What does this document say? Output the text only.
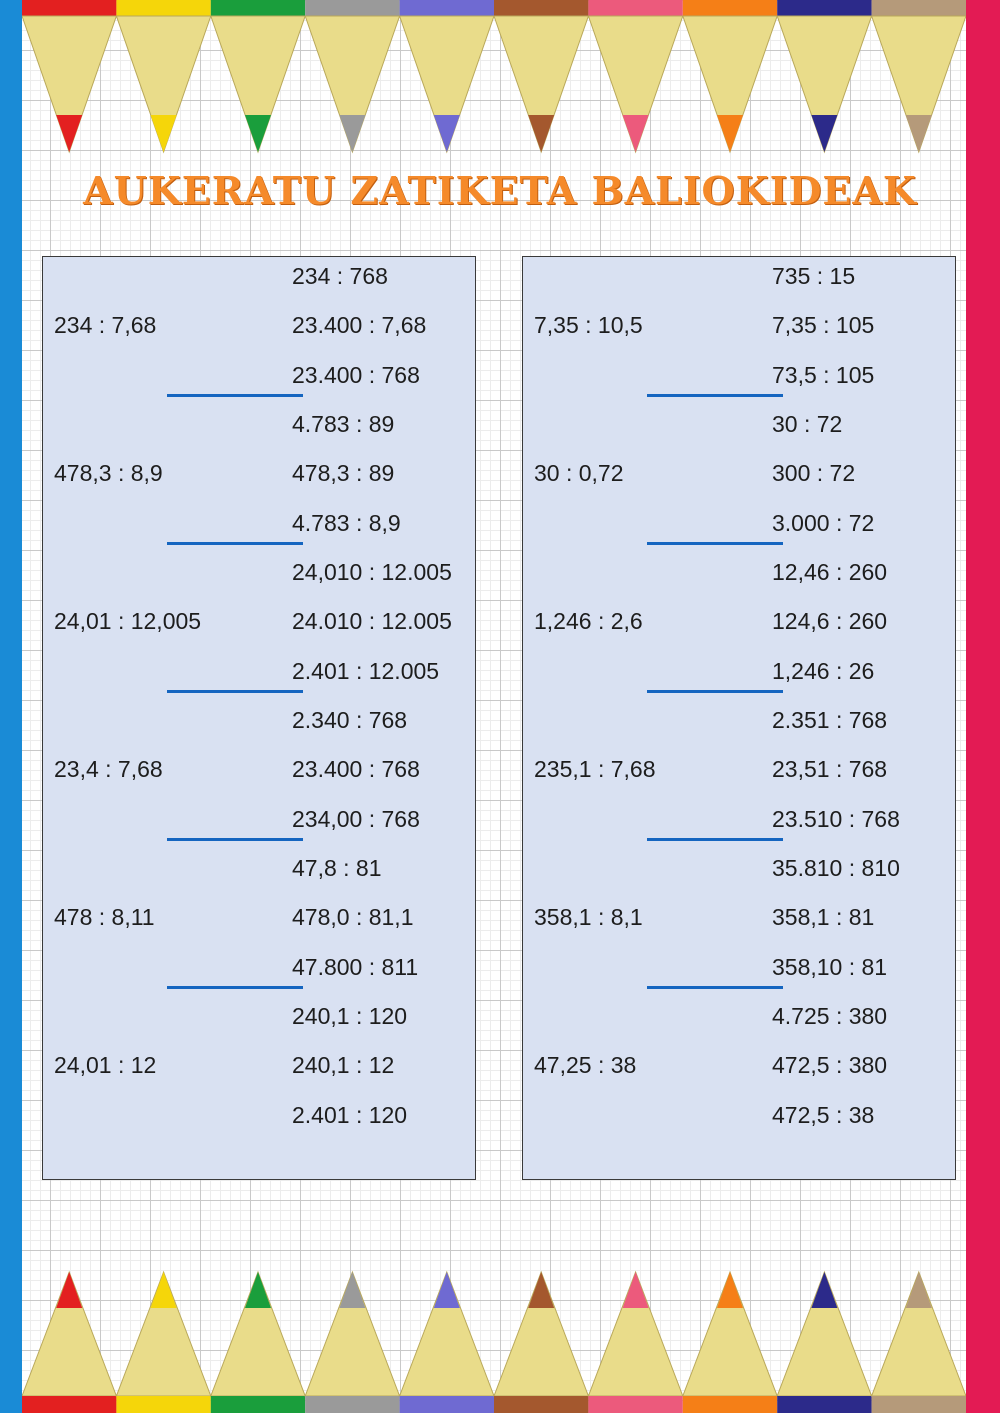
AUKERATU ZATIKETA BALIOKIDEAK
234 : 768
234 : 7,68	23.400 : 7,68
23.400 : 768
4.783 : 89
478,3 : 8,9	478,3 : 89
4.783 : 8,9
24,010 : 12.005
24,01 : 12,005	24.010 : 12.005
2.401 : 12.005
2.340 : 768
23,4 : 7,68	23.400 : 768
234,00 : 768
47,8 : 81
478 : 8,11	478,0 : 81,1
47.800 : 811
240,1 : 120
24,01 : 12	240,1 : 12
2.401 : 120
735 : 15
7,35 : 10,5	7,35 : 105
73,5 : 105
30 : 72
30 : 0,72	300 : 72
3.000 : 72
12,46 : 260
1,246 : 2,6	124,6 : 260
1,246 : 26
2.351 : 768
235,1 : 7,68	23,51 : 768
23.510 : 768
35.810 : 810
358,1 : 8,1	358,1 : 81
358,10 : 81
4.725 : 380
47,25 : 38	472,5 : 380
472,5 : 38
